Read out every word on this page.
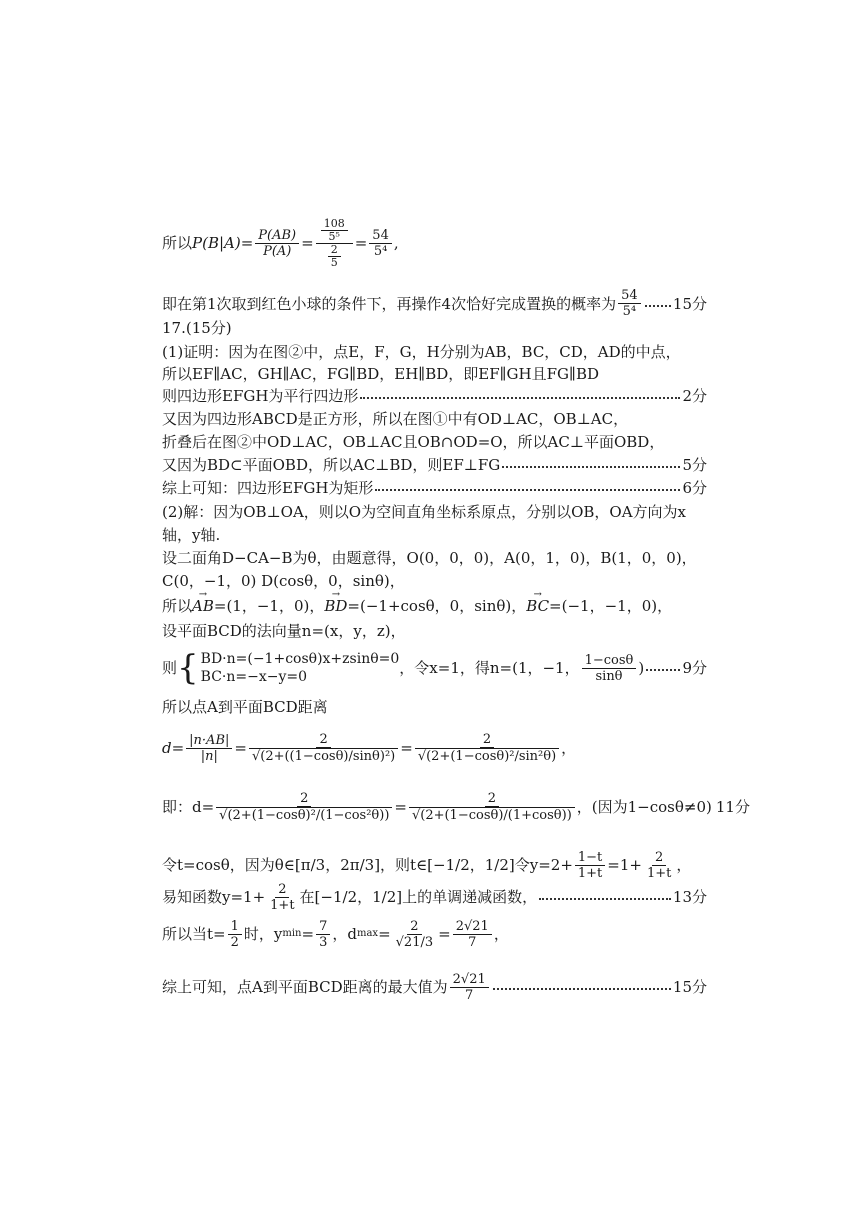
所以 $P(B|A)= \frac{P(AB)}{P(A)} = \frac{\frac{108}{\text{5⁵}}}{\frac{2}{5}} = \frac{54}{\text{5⁴}}$ ,
即在第1次取到红色小球的条件下，再操作4次恰好完成置换的概率为 $\frac{54}{\text{5⁴}} 15$分
17.(15分)
(1)证明：因为在图②中，点E，F，G，H分别为AB，BC，CD，AD的中点，
所以EF∥AC，GH∥AC，FG∥BD，EH∥BD，即EF∥GH且FG∥BD
则四边形EFGH为平行四边形	2分
又因为四边形ABCD是正方形，所以在图①中有OD⊥AC，OB⊥AC，
折叠后在图②中OD⊥AC，OB⊥AC且OB∩OD=O，所以AC⊥平面OBD，
又因为BD⊂平面OBD，所以AC⊥BD，则EF⊥FG	5分
综上可知：四边形EFGH为矩形	6分
(2)解：因为OB⊥OA，则以O为空间直角坐标系原点，分别以OB，OA方向为x
轴，y轴.
设二面角D−CA−B为θ，由题意得，O(0，0，0)，A(0，1，0)，B(1，0，0)，
C(0，−1，0) D(cosθ，0，sinθ)，
所以 → AB =(1，−1，0)， → BD =(−1+cosθ，0，sinθ)， → BC =(−1，−1，0)，
设平面BCD的法向量n=(x，y，z)，
则 { BD·n=(−1+cosθ)x+zsinθ=0
BC·n=−x−y=0	，令x=1，得n=(1，−1， $\frac{1-\cos\theta}{\sin\theta}$ )	9分
所以点A到平面BCD距离
$d= \frac{|n\cdot AB|}{|n|} = \frac{2}{\text{√(2+((1−cosθ)/sinθ)²)}} = \frac{2}{\text{√(2+(1−cosθ)²/sin²θ)}}$ ，
即：$d= \frac{2}{\text{√(2+(1−cosθ)²/(1−cos²θ))}} = \frac{2}{√(2+(1-\cos\theta)/(1+\cos\theta))}$ ，(因为1−cosθ≠0) 11分
令t=cosθ，因为θ∈[π/3，2π/3]，则t∈[−1/2，1/2]令$y=2+ \frac{1-t}{1+t} =1+ \frac{2}{1+t}$ ，
易知函数$y=1+ \frac{2}{1+t}$ 在[−1/2，1/2]上的单调递减函数，	13分
所以当$t= \frac{1}{2}$ 时，y $\min = \frac{7}{3}$ ，d $\max = \frac{2}{√21/3} = \frac{2√21}{7}$ ，
综上可知，点A到平面BCD距离的最大值为 $\frac{2√21}{7}$	15分
